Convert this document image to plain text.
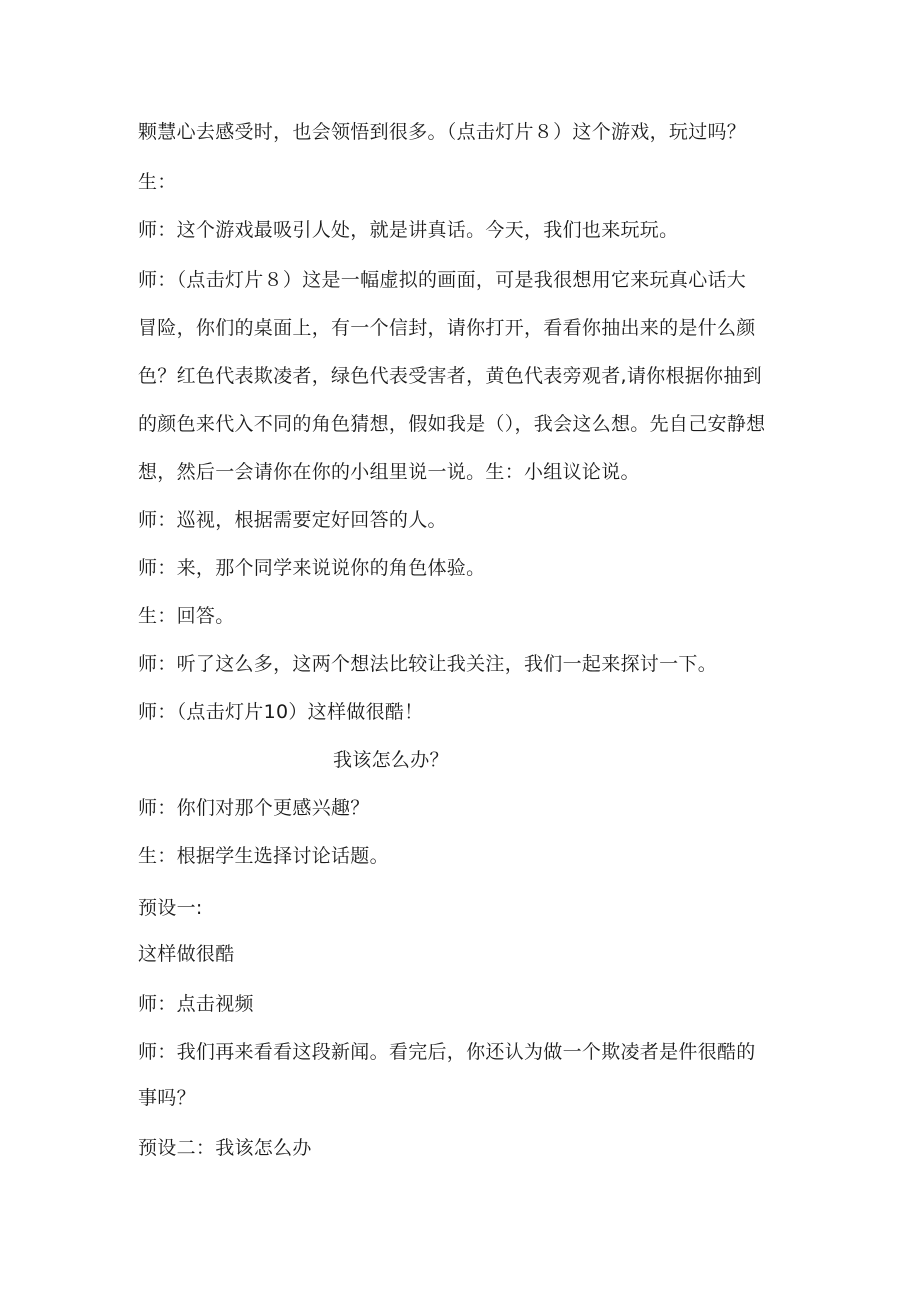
颗慧心去感受时，也会领悟到很多。（点击灯片８）这个游戏，玩过吗？
生：
师：这个游戏最吸引人处，就是讲真话。今天，我们也来玩玩。
师：（点击灯片８）这是一幅虚拟的画面，可是我很想用它来玩真心话大
冒险，你们的桌面上，有一个信封，请你打开，看看你抽出来的是什么颜
色？红色代表欺凌者，绿色代表受害者，黄色代表旁观者,请你根据你抽到
的颜色来代入不同的角色猜想，假如我是（），我会这么想。先自己安静想
想，然后一会请你在你的小组里说一说。生：小组议论说。
师：巡视，根据需要定好回答的人。
师：来，那个同学来说说你的角色体验。
生：回答。
师：听了这么多，这两个想法比较让我关注，我们一起来探讨一下。
师：（点击灯片10）这样做很酷！
我该怎么办？
师：你们对那个更感兴趣？
生：根据学生选择讨论话题。
预设一:
这样做很酷
师：点击视频
师：我们再来看看这段新闻。看完后，你还认为做一个欺凌者是件很酷的
事吗？
预设二：我该怎么办
